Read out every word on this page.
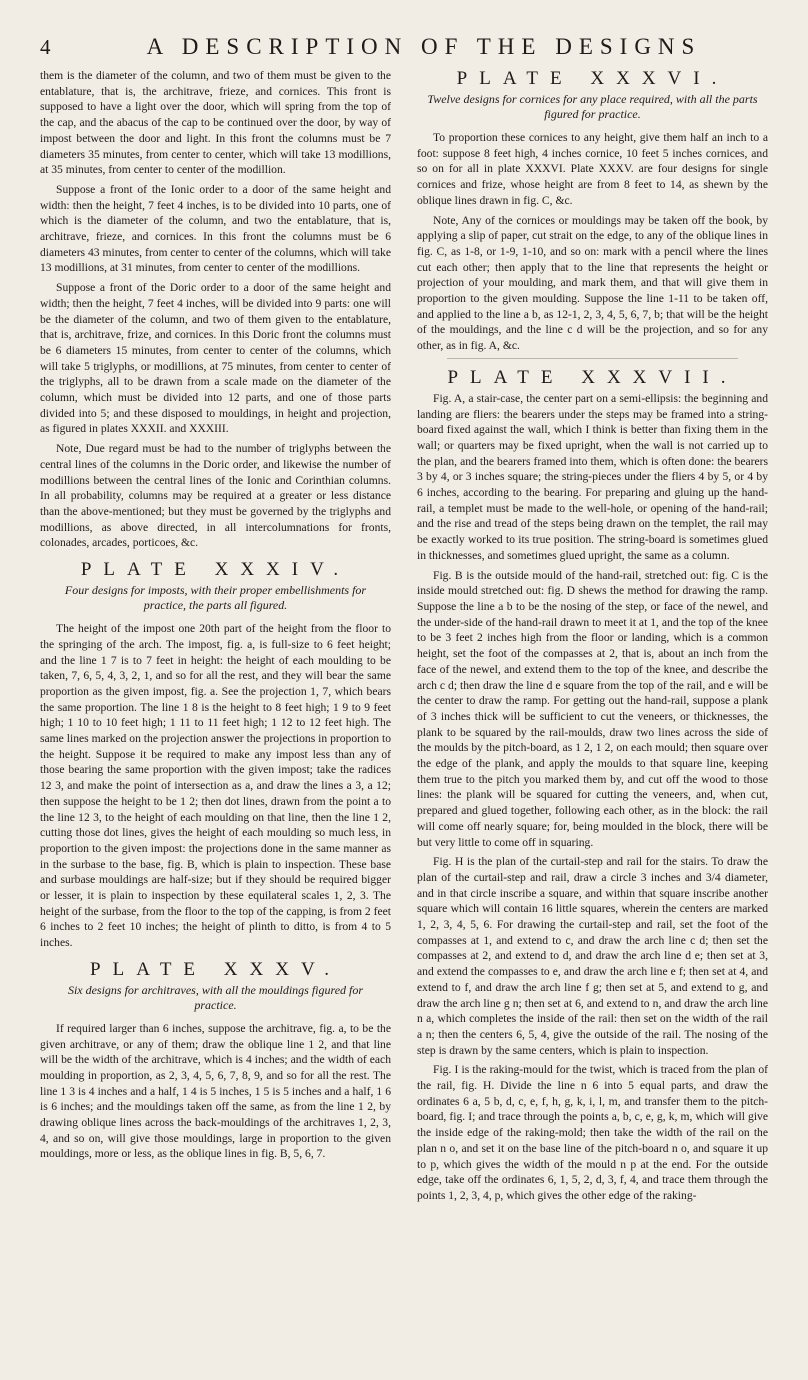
4	A DESCRIPTION OF THE DESIGNS

them is the diameter of the column, and two of them must be given to the entablature, that is, the architrave, frieze, and cornices. This front is supposed to have a light over the door, which will spring from the top of the cap, and the abacus of the cap to be continued over the door, by way of impost between the door and light. In this front the columns must be 7 diameters 35 minutes, from center to center, which will take 13 modillions, at 35 minutes, from center to center of the modillion.

Suppose a front of the Ionic order to a door of the same height and width: then the height, 7 feet 4 inches, is to be divided into 10 parts, one of which is the diameter of the column, and two the entablature, that is, architrave, frieze, and cornices. In this front the columns must be 6 diameters 43 minutes, from center to center of the columns, which will take 13 modillions, at 31 minutes, from center to center of the modillions.

Suppose a front of the Doric order to a door of the same height and width; then the height, 7 feet 4 inches, will be divided into 9 parts: one will be the diameter of the column, and two of them given to the entablature, that is, architrave, frize, and cornices. In this Doric front the columns must be 6 diameters 15 minutes, from center to center of the columns, which will take 5 triglyphs, or modillions, at 75 minutes, from center to center of the triglyphs, all to be drawn from a scale made on the diameter of the column, which must be divided into 12 parts, and one of those parts divided into 5; and these disposed to mouldings, in height and projection, as figured in plates XXXII. and XXXIII.

Note, Due regard must be had to the number of triglyphs between the central lines of the columns in the Doric order, and likewise the number of modillions between the central lines of the Ionic and Corinthian columns. In all probability, columns may be required at a greater or less distance than the above-mentioned; but they must be governed by the triglyphs and modillions, as above directed, in all intercolumnations for fronts, colonades, arcades, porticoes, &c.

PLATE XXXIV.
Four designs for imposts, with their proper embellishments for practice, the parts all figured.

The height of the impost one 20th part of the height from the floor to the springing of the arch. The impost, fig. a, is full-size to 6 feet height; and the line 1 7 is to 7 feet in height: the height of each moulding to be taken, 7, 6, 5, 4, 3, 2, 1, and so for all the rest, and they will bear the same proportion as the given impost, fig. a. See the projection 1, 7, which bears the same proportion. The line 1 8 is the height to 8 feet high; 1 9 to 9 feet high; 1 10 to 10 feet high; 1 11 to 11 feet high; 1 12 to 12 feet high. The same lines marked on the projection answer the projections in proportion to the height. Suppose it be required to make any impost less than any of those bearing the same proportion with the given impost; take the radices 12 3, and make the point of intersection as a, and draw the lines a 3, a 12; then suppose the height to be 1 2; then dot lines, drawn from the point a to the line 12 3, to the height of each moulding on that line, then the line 1 2, cutting those dot lines, gives the height of each moulding so much less, in proportion to the given impost: the projections done in the same manner as in the surbase to the base, fig. B, which is plain to inspection. These base and surbase mouldings are half-size; but if they should be required bigger or lesser, it is plain to inspection by these equilateral scales 1, 2, 3. The height of the surbase, from the floor to the top of the capping, is from 2 feet 6 inches to 2 feet 10 inches; the height of plinth to ditto, is from 4 to 5 inches.

PLATE XXXV.
Six designs for architraves, with all the mouldings figured for practice.

If required larger than 6 inches, suppose the architrave, fig. a, to be the given architrave, or any of them; draw the oblique line 1 2, and that line will be the width of the architrave, which is 4 inches; and the width of each moulding in proportion, as 2, 3, 4, 5, 6, 7, 8, 9, and so for all the rest. The line 1 3 is 4 inches and a half, 1 4 is 5 inches, 1 5 is 5 inches and a half, 1 6 is 6 inches; and the mouldings taken off the same, as from the line 1 2, by drawing oblique lines across the back-mouldings of the architraves 1, 2, 3, 4, and so on, will give those mouldings, large in proportion to the given mouldings, more or less, as the oblique lines in fig. B, 5, 6, 7.

PLATE XXXVI.
Twelve designs for cornices for any place required, with all the parts figured for practice.

To proportion these cornices to any height, give them half an inch to a foot: suppose 8 feet high, 4 inches cornice, 10 feet 5 inches cornices, and so on for all in plate XXXVI. Plate XXXV. are four designs for single cornices and frize, whose height are from 8 feet to 14, as shewn by the oblique lines drawn in fig. C, &c.

Note, Any of the cornices or mouldings may be taken off the book, by applying a slip of paper, cut strait on the edge, to any of the oblique lines in fig. C, as 1-8, or 1-9, 1-10, and so on: mark with a pencil where the lines cut each other; then apply that to the line that represents the height or projection of your moulding, and mark them, and that will give them in proportion to the given moulding. Suppose the line 1-11 to be taken off, and applied to the line a b, as 12-1, 2, 3, 4, 5, 6, 7, b; that will be the height of the mouldings, and the line c d will be the projection, and so for any other, as in fig. A, &c.

PLATE XXXVII.

Fig. A, a stair-case, the center part on a semi-ellipsis: the beginning and landing are fliers: the bearers under the steps may be framed into a string-board fixed against the wall, which I think is better than fixing them in the wall; or quarters may be fixed upright, when the wall is not carried up to the plan, and the bearers framed into them, which is often done: the bearers 3 by 4, or 3 inches square; the string-pieces under the fliers 4 by 5, or 4 by 6 inches, according to the bearing. For preparing and gluing up the hand-rail, a templet must be made to the well-hole, or opening of the hand-rail; and the rise and tread of the steps being drawn on the templet, the rail may be exactly worked to its true position. The string-board is sometimes glued in thicknesses, and sometimes glued upright, the same as a column.

Fig. B is the outside mould of the hand-rail, stretched out: fig. C is the inside mould stretched out: fig. D shews the method for drawing the ramp. Suppose the line a b to be the nosing of the step, or face of the newel, and the under-side of the hand-rail drawn to meet it at 1, and the top of the knee to be 3 feet 2 inches high from the floor or landing, which is a common height, set the foot of the compasses at 2, that is, about an inch from the face of the newel, and extend them to the top of the knee, and describe the arch c d; then draw the line d e square from the top of the rail, and e will be the center to draw the ramp. For getting out the hand-rail, suppose a plank of 3 inches thick will be sufficient to cut the veneers, or thicknesses, the plank to be squared by the rail-moulds, draw two lines across the side of the moulds by the pitch-board, as 1 2, 1 2, on each mould; then square over the edge of the plank, and apply the moulds to that square line, keeping them true to the pitch you marked them by, and cut off the wood to those lines: the plank will be squared for cutting the veneers, and, when cut, prepared and glued together, following each other, as in the block: the rail will come off nearly square; for, being moulded in the block, there will be but very little to come off in squaring.

Fig. H is the plan of the curtail-step and rail for the stairs. To draw the plan of the curtail-step and rail, draw a circle 3 inches and 3/4 diameter, and in that circle inscribe a square, and within that square inscribe another square which will contain 16 little squares, wherein the centers are marked 1, 2, 3, 4, 5, 6. For drawing the curtail-step and rail, set the foot of the compasses at 1, and extend to c, and draw the arch line c d; then set the compasses at 2, and extend to d, and draw the arch line d e; then set at 3, and extend the compasses to e, and draw the arch line e f; then set at 4, and extend to f, and draw the arch line f g; then set at 5, and extend to g, and draw the arch line g n; then set at 6, and extend to n, and draw the arch line n a, which completes the inside of the rail: then set on the width of the rail a n; then the centers 6, 5, 4, give the outside of the rail. The nosing of the step is drawn by the same centers, which is plain to inspection.

Fig. I is the raking-mould for the twist, which is traced from the plan of the rail, fig. H. Divide the line n 6 into 5 equal parts, and draw the ordinates 6 a, 5 b, d, c, e, f, h, g, k, i, l, m, and transfer them to the pitch-board, fig. I; and trace through the points a, b, c, e, g, k, m, which will give the inside edge of the raking-mold; then take the width of the rail on the plan n o, and set it on the base line of the pitch-board n o, and square it up to p, which gives the width of the mould n p at the end. For the outside edge, take off the ordinates 6, 1, 5, 2, d, 3, f, 4, and trace them through the points 1, 2, 3, 4, p, which gives the other edge of the raking-
